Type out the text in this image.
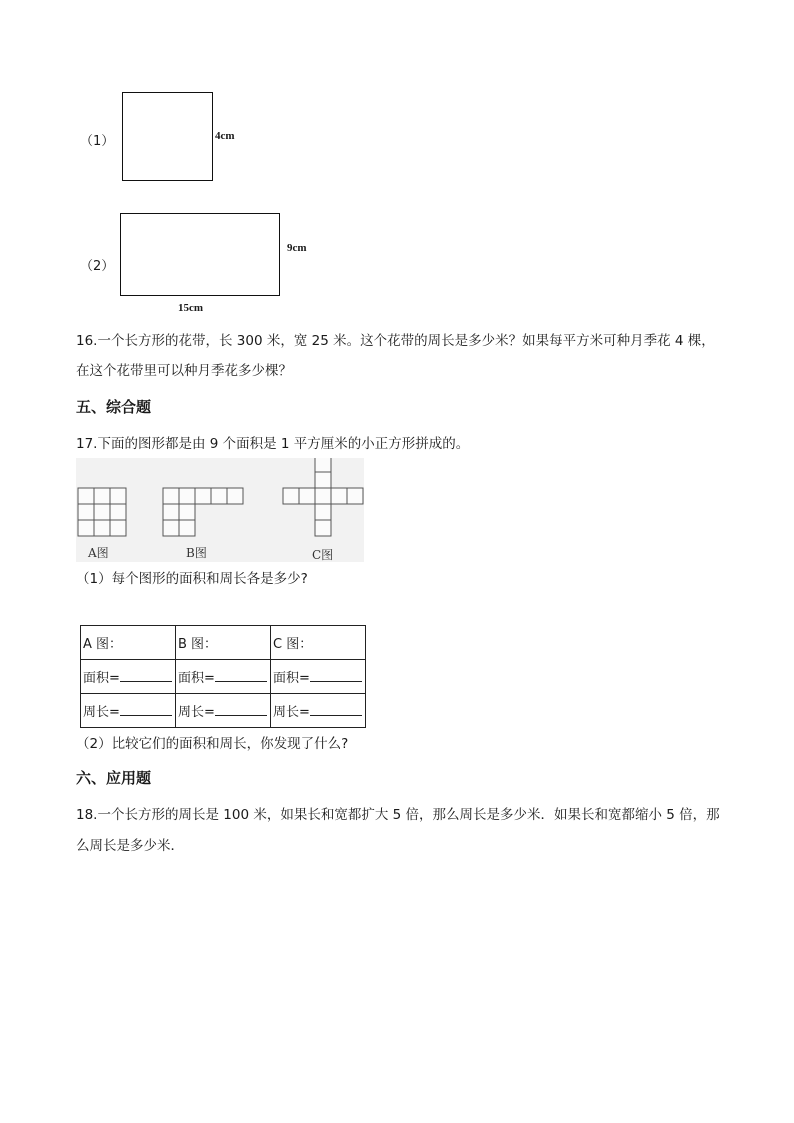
（1）	4cm
（2）
9cm
15cm
16.一个长方形的花带，长 300 米，宽 25 米。这个花带的周长是多少米？如果每平方米可种月季花 4 棵，
在这个花带里可以种月季花多少棵？
五、综合题
17.下面的图形都是由 9 个面积是 1 平方厘米的小正方形拼成的。
A图	B图	C图
（1）每个图形的面积和周长各是多少?
A 图：	B 图：	C 图：
面积=	面积=	面积=
周长=	周长=	周长=
（2）比较它们的面积和周长，你发现了什么?
六、应用题
18.一个长方形的周长是 100 米，如果长和宽都扩大 5 倍，那么周长是多少米．如果长和宽都缩小 5 倍，那
么周长是多少米．
